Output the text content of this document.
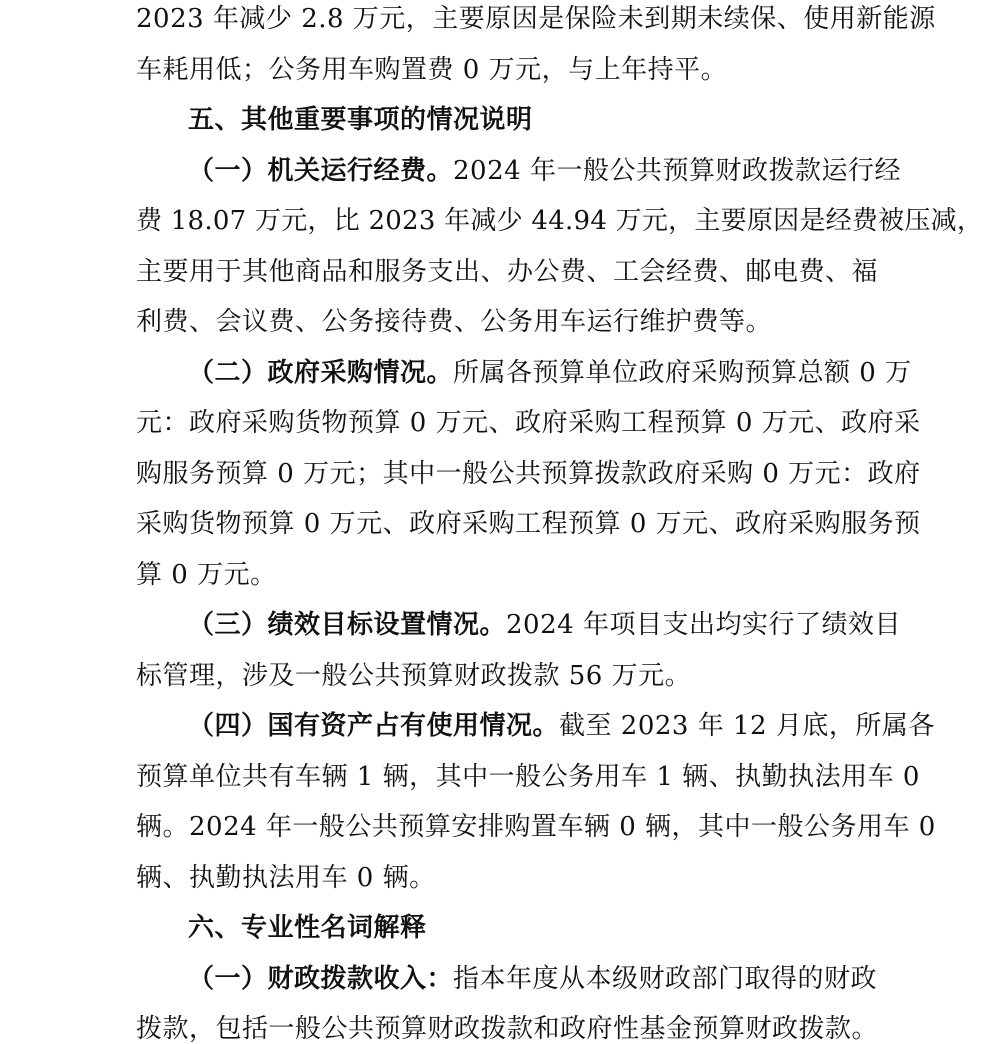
2023 年减少 2.8 万元，主要原因是保险未到期未续保、使用新能源
车耗用低；公务用车购置费 0 万元，与上年持平。
五、其他重要事项的情况说明
（一）机关运行经费。2024 年一般公共预算财政拨款运行经
费 18.07 万元，比 2023 年减少 44.94 万元，主要原因是经费被压减，
主要用于其他商品和服务支出、办公费、工会经费、邮电费、福
利费、会议费、公务接待费、公务用车运行维护费等。
（二）政府采购情况。所属各预算单位政府采购预算总额 0 万
元：政府采购货物预算 0 万元、政府采购工程预算 0 万元、政府采
购服务预算 0 万元；其中一般公共预算拨款政府采购 0 万元：政府
采购货物预算 0 万元、政府采购工程预算 0 万元、政府采购服务预
算 0 万元。
（三）绩效目标设置情况。2024 年项目支出均实行了绩效目
标管理，涉及一般公共预算财政拨款 56 万元。
（四）国有资产占有使用情况。截至 2023 年 12 月底，所属各
预算单位共有车辆 1 辆，其中一般公务用车 1 辆、执勤执法用车 0
辆。2024 年一般公共预算安排购置车辆 0 辆，其中一般公务用车 0
辆、执勤执法用车 0 辆。
六、专业性名词解释
（一）财政拨款收入：指本年度从本级财政部门取得的财政
拨款，包括一般公共预算财政拨款和政府性基金预算财政拨款。
